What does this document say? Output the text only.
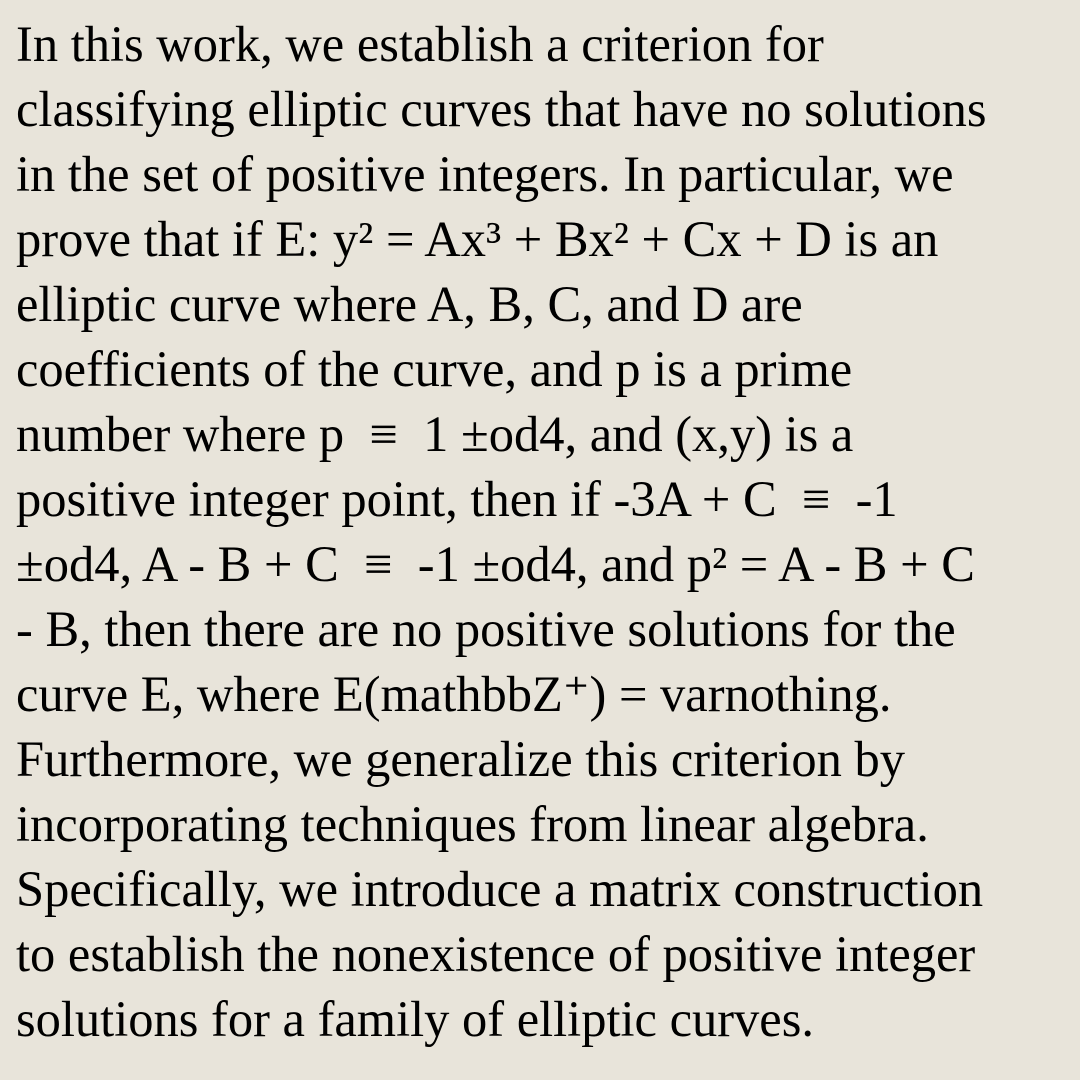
In this work, we establish a criterion for
classifying elliptic curves that have no solutions
in the set of positive integers. In particular, we
prove that if E: y² = Ax³ + Bx² + Cx + D is an
elliptic curve where A, B, C, and D are
coefficients of the curve, and p is a prime
number where p  ≡  1 ±od4, and (x,y) is a
positive integer point, then if -3A + C  ≡  -1
±od4, A - B + C  ≡  -1 ±od4, and p² = A - B + C
- B, then there are no positive solutions for the
curve E, where E(mathbbZ⁺) = varnothing.
Furthermore, we generalize this criterion by
incorporating techniques from linear algebra.
Specifically, we introduce a matrix construction
to establish the nonexistence of positive integer
solutions for a family of elliptic curves.
